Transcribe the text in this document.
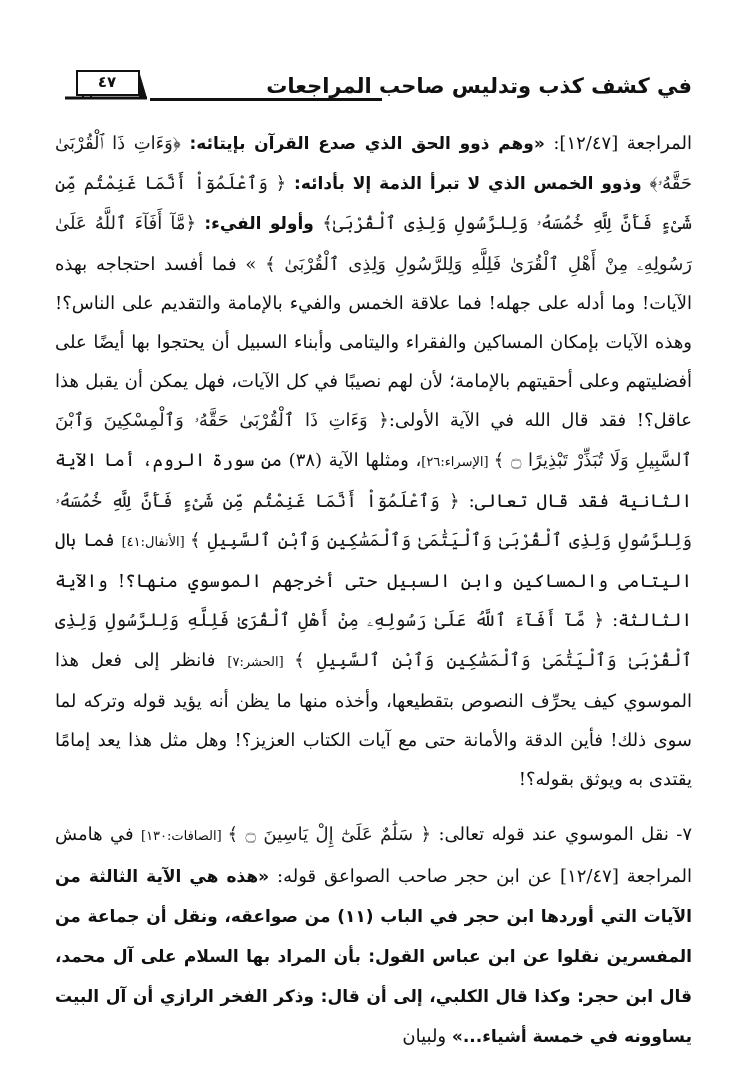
في كشف كذب وتدليس صاحب المراجعات
٤٧

المراجعة [١٢/٤٧]: «وهم ذوو الحق الذي صدع القرآن بإيتائه: ﴿وَءَاتِ ذَا ٱلْقُرْبَىٰ حَقَّهُۥ﴾ وذوو الخمس الذي لا تبرأ الذمة إلا بأدائه: ﴿ وَٱعْلَمُوٓاْ أَنَّمَا غَنِمْتُم مِّن شَىْءٍ فَأَنَّ لِلَّهِ خُمُسَهُۥ وَلِلرَّسُولِ وَلِذِى ٱلْقُرْبَىٰ﴾ وأولو الفيء: ﴿مَّآ أَفَآءَ ٱللَّهُ عَلَىٰ رَسُولِهِۦ مِنْ أَهْلِ ٱلْقُرَىٰ فَلِلَّهِ وَلِلرَّسُولِ وَلِذِى ٱلْقُرْبَىٰ ﴾ » فما أفسد احتجاجه بهذه الآيات! وما أدله على جهله! فما علاقة الخمس والفيء بالإمامة والتقديم على الناس؟! وهذه الآيات بإمكان المساكين والفقراء واليتامى وأبناء السبيل أن يحتجوا بها أيضًا على أفضليتهم وعلى أحقيتهم بالإمامة؛ لأن لهم نصيبًا في كل الآيات، فهل يمكن أن يقبل هذا عاقل؟! فقد قال الله في الآية الأولى:﴿ وَءَاتِ ذَا ٱلْقُرْبَىٰ حَقَّهُۥ وَٱلْمِسْكِينَ وَٱبْنَ ٱلسَّبِيلِ وَلَا تُبَذِّرْ تَبْذِيرًا ۝ ﴾ [الإسراء:٢٦]، ومثلها الآية (٣٨) من سورة الروم، أما الآية الثانية فقد قال تعالى: ﴿ وَٱعْلَمُوٓاْ أَنَّمَا غَنِمْتُم مِّن شَىْءٍ فَأَنَّ لِلَّهِ خُمُسَهُۥ وَلِلرَّسُولِ وَلِذِى ٱلْقُرْبَىٰ وَٱلْيَتَٰمَىٰ وَٱلْمَسَٰكِينِ وَٱبْنِ ٱلسَّبِيلِ ﴾ [الأنفال:٤١] فما بال اليتامى والمساكين وابن السبيل حتى أخرجهم الموسوي منها؟! والآية الثالثة: ﴿ مَّآ أَفَآءَ ٱللَّهُ عَلَىٰ رَسُولِهِۦ مِنْ أَهْلِ ٱلْقُرَىٰ فَلِلَّهِ وَلِلرَّسُولِ وَلِذِى ٱلْقُرْبَىٰ وَٱلْيَتَٰمَىٰ وَٱلْمَسَٰكِينِ وَٱبْنِ ٱلسَّبِيلِ ﴾ [الحشر:٧] فانظر إلى فعل هذا الموسوي كيف يحرِّف النصوص بتقطيعها، وأخذه منها ما يظن أنه يؤيد قوله وتركه لما سوى ذلك! فأين الدقة والأمانة حتى مع آيات الكتاب العزيز؟! وهل مثل هذا يعد إمامًا يقتدى به ويوثق بقوله؟!

٧- نقل الموسوي عند قوله تعالى: ﴿ سَلَٰمٌ عَلَىٰٓ إِلْ يَاسِينَ ۝ ﴾ [الصافات:١٣٠] في هامش المراجعة [١٢/٤٧] عن ابن حجر صاحب الصواعق قوله: «هذه هي الآية الثالثة من الآيات التي أوردها ابن حجر في الباب (١١) من صواعقه، ونقل أن جماعة من المفسرين نقلوا عن ابن عباس القول: بأن المراد بها السلام على آل محمد، قال ابن حجر: وكذا قال الكلبي، إلى أن قال: وذكر الفخر الرازي أن آل البيت يساوونه في خمسة أشياء...» ولبيان
